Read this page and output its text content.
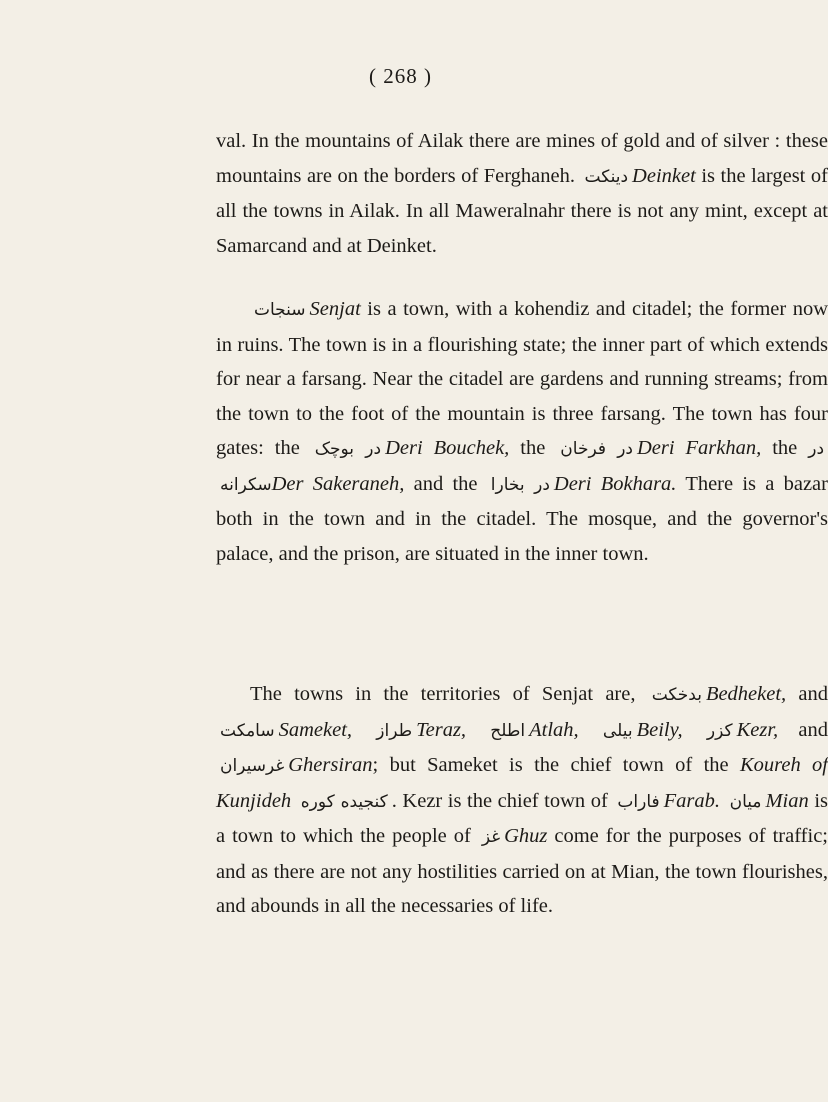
( 268 )

val. In the mountains of Ailak there are mines of gold and of silver : these mountains are on the borders of Ferghaneh. دینکت Deinket is the largest of all the towns in Ailak. In all Maweralnahr there is not any mint, except at Samarcand and at Deinket.

سنجات Senjat is a town, with a kohendiz and citadel; the former now in ruins. The town is in a flourishing state; the inner part of which extends for near a farsang. Near the citadel are gardens and running streams; from the town to the foot of the mountain is three farsang. The town has four gates: the در بوچک Deri Bouchek, the در فرخان Deri Farkhan, the در سکرانهDer Sakeraneh, and the در بخارا Deri Bokhara. There is a bazar both in the town and in the citadel. The mosque, and the governor's palace, and the prison, are situated in the inner town.

The towns in the territories of Senjat are, بدخکت Bedheket, and سامکت Sameket, طراز Teraz, اطلح Atlah, بیلی Beily, کزر Kezr, and غرسیران Ghersiran; but Sameket is the chief town of the Koureh of Kunjideh کنجیده کوره . Kezr is the chief town of فاراب Farab. میان Mian is a town to which the people of غز Ghuz come for the purposes of traffic; and as there are not any hostilities carried on at Mian, the town flourishes, and abounds in all the necessaries of life.
